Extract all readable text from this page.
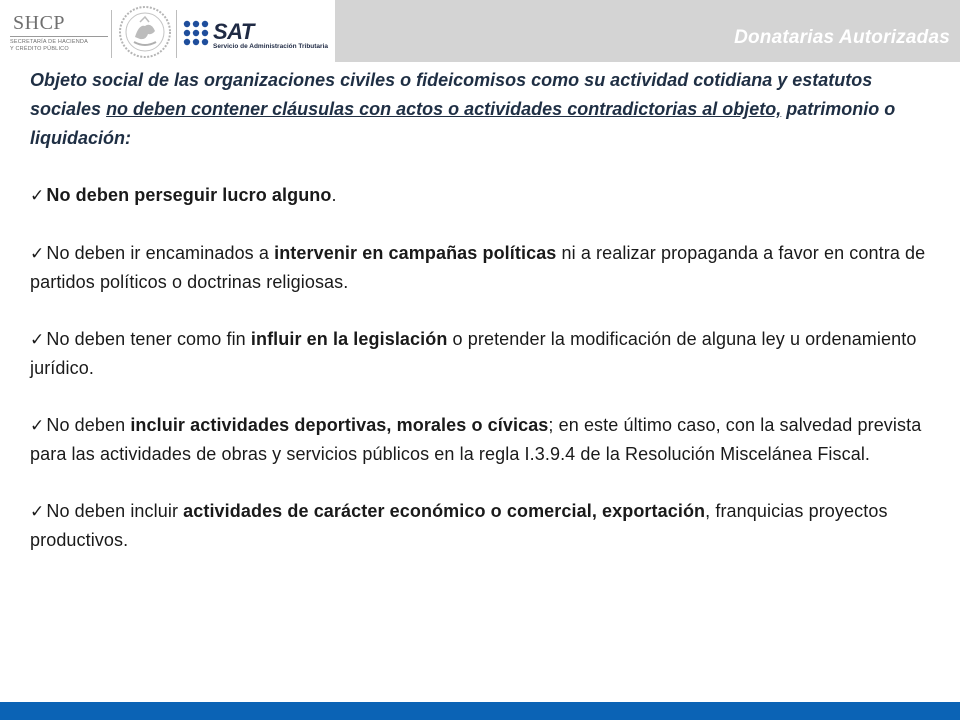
SHCP
SECRETARÍA DE HACIENDA
Y CRÉDITO PÚBLICO
SAT
Servicio de Administración Tributaria	Donatarias Autorizadas

Objeto social de las organizaciones civiles o fideicomisos como su actividad cotidiana y estatutos sociales no deben contener cláusulas con actos o actividades contradictorias al objeto, patrimonio o liquidación:

✓ No deben perseguir lucro alguno.

✓ No deben ir encaminados a intervenir en campañas políticas ni a realizar propaganda a favor en contra de partidos políticos o doctrinas religiosas.

✓ No deben tener como fin influir en la legislación o pretender la modificación de alguna ley u ordenamiento jurídico.

✓ No deben incluir actividades deportivas, morales o cívicas; en este último caso, con la salvedad prevista para las actividades de obras y servicios públicos en la regla I.3.9.4 de la Resolución Miscelánea Fiscal.

✓ No deben incluir actividades de carácter económico o comercial, exportación, franquicias proyectos productivos.
